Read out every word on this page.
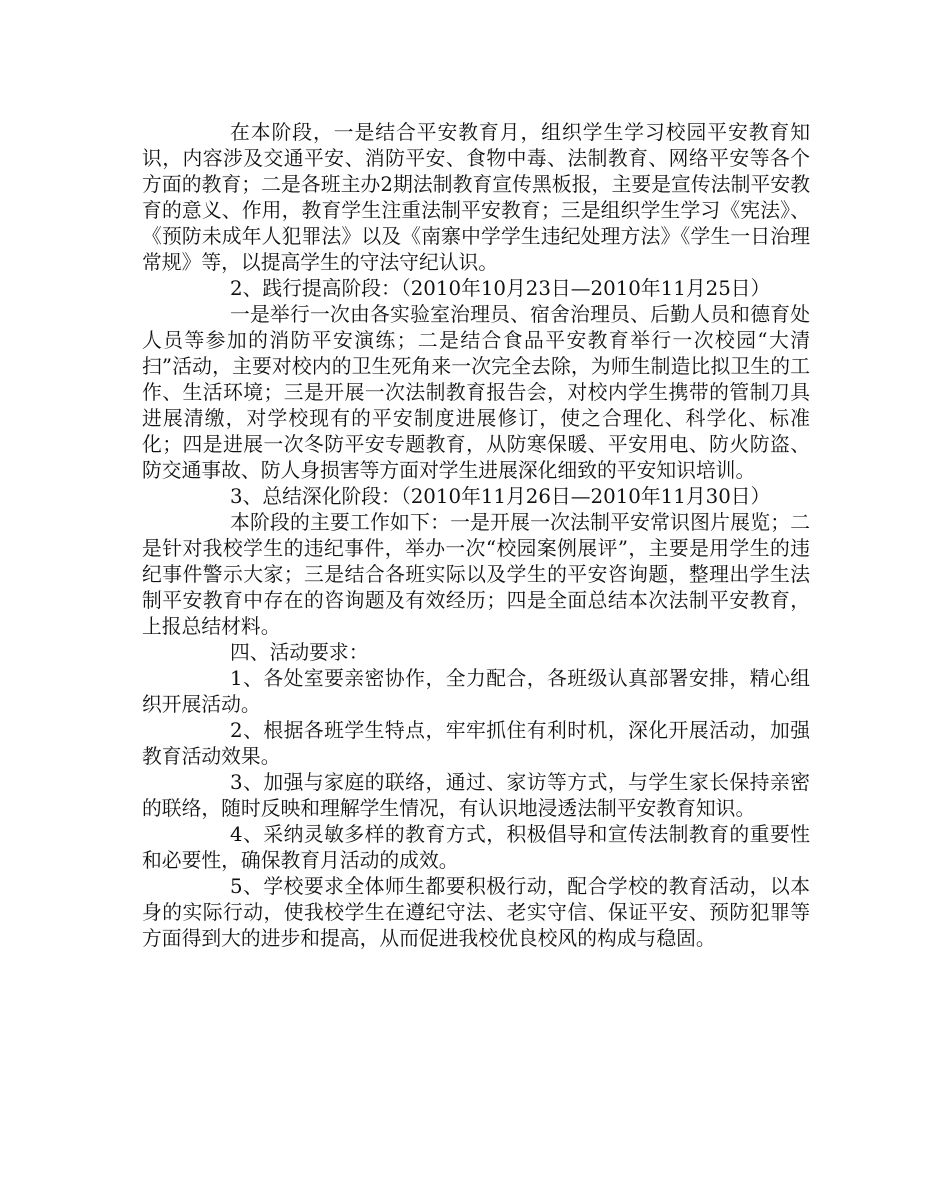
在本阶段，一是结合平安教育月，组织学生学习校园平安教育知识，内容涉及交通平安、消防平安、食物中毒、法制教育、网络平安等各个方面的教育；二是各班主办2期法制教育宣传黑板报，主要是宣传法制平安教育的意义、作用，教育学生注重法制平安教育；三是组织学生学习《宪法》、《预防未成年人犯罪法》以及《南寨中学学生违纪处理方法》《学生一日治理常规》等，以提高学生的守法守纪认识。

2、践行提高阶段：（2010年10月23日—2010年11月25日）

一是举行一次由各实验室治理员、宿舍治理员、后勤人员和德育处人员等参加的消防平安演练；二是结合食品平安教育举行一次校园“大清扫”活动，主要对校内的卫生死角来一次完全去除，为师生制造比拟卫生的工作、生活环境；三是开展一次法制教育报告会，对校内学生携带的管制刀具进展清缴，对学校现有的平安制度进展修订，使之合理化、科学化、标准化；四是进展一次冬防平安专题教育，从防寒保暖、平安用电、防火防盗、防交通事故、防人身损害等方面对学生进展深化细致的平安知识培训。

3、总结深化阶段：（2010年11月26日—2010年11月30日）

本阶段的主要工作如下：一是开展一次法制平安常识图片展览；二是针对我校学生的违纪事件，举办一次“校园案例展评”，主要是用学生的违纪事件警示大家；三是结合各班实际以及学生的平安咨询题，整理出学生法制平安教育中存在的咨询题及有效经历；四是全面总结本次法制平安教育，上报总结材料。

四、活动要求：

1、各处室要亲密协作，全力配合，各班级认真部署安排，精心组织开展活动。

2、根据各班学生特点，牢牢抓住有利时机，深化开展活动，加强教育活动效果。

3、加强与家庭的联络，通过、家访等方式，与学生家长保持亲密的联络，随时反映和理解学生情况，有认识地浸透法制平安教育知识。

4、采纳灵敏多样的教育方式，积极倡导和宣传法制教育的重要性和必要性，确保教育月活动的成效。

5、学校要求全体师生都要积极行动，配合学校的教育活动，以本身的实际行动，使我校学生在遵纪守法、老实守信、保证平安、预防犯罪等方面得到大的进步和提高，从而促进我校优良校风的构成与稳固。
